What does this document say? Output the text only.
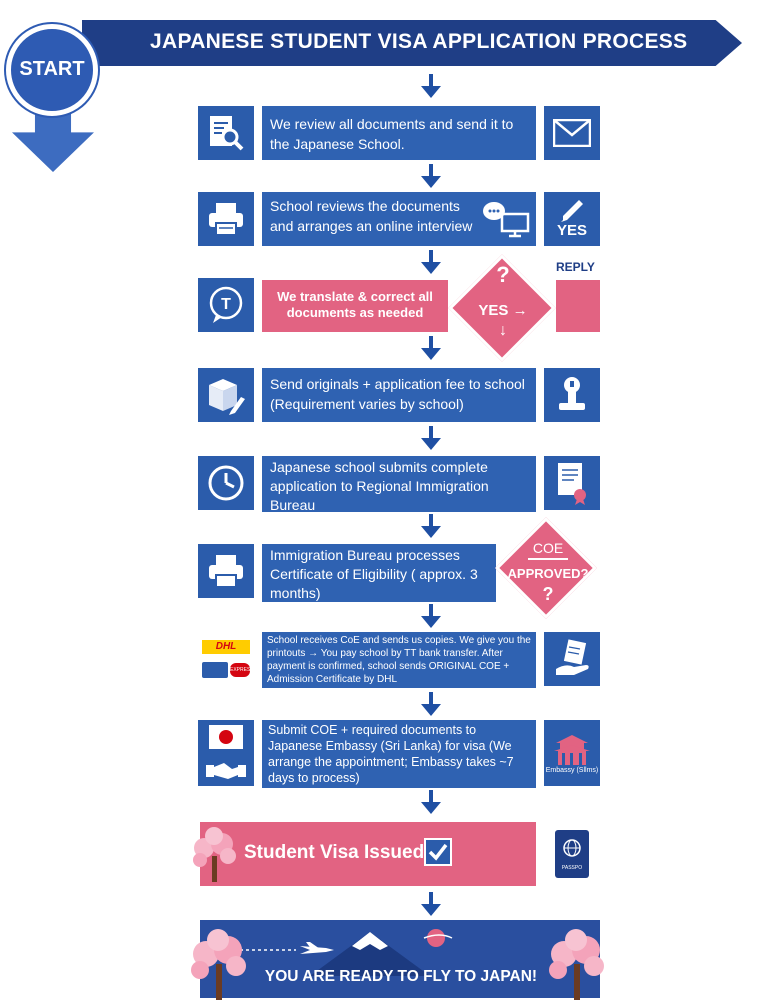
JAPANESE STUDENT VISA APPLICATION PROCESS
START
We review all documents and send it to the Japanese School.
School reviews the documents and arranges an online interview	YES
T	We translate & correct all documents as needed
?
YES →
↓
REPLY
Send originals + application fee to school (Requirement varies by school)
Japanese school submits complete application to Regional Immigration Bureau
Immigration Bureau processes Certificate of Eligibility ( approx. 3 months)
COE
APPROVED?
?
DHL
EXPRESS
School receives CoE and sends us copies. We give you the printouts → You pay school by TT bank transfer. After payment is confirmed, school sends ORIGINAL COE + Admission Certificate by DHL
Submit COE + required documents to Japanese Embassy (Sri Lanka) for visa (We arrange the appointment; Embassy takes ~7 days to process)
Embassy (Sllms)
Student Visa Issued
PASSPO
YOU ARE READY TO FLY TO JAPAN!
